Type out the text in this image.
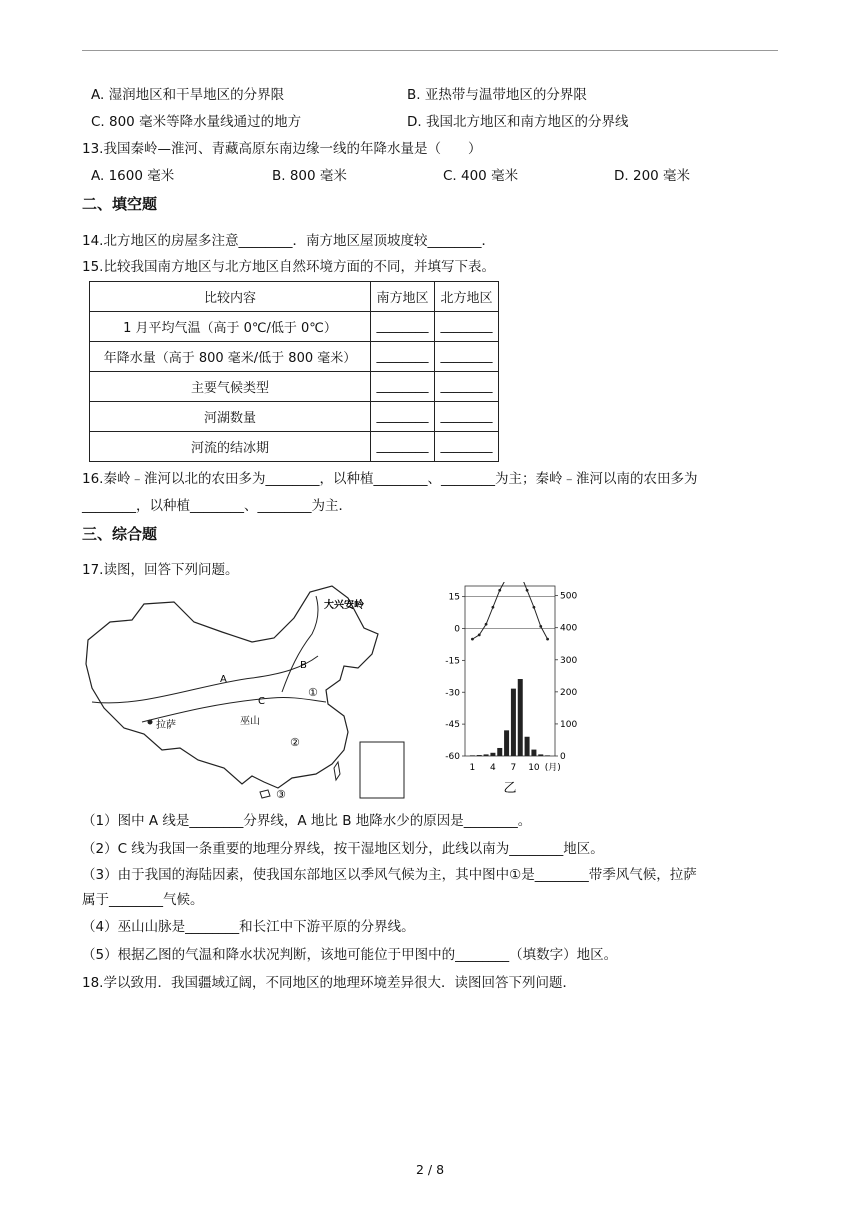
A. 湿润地区和干旱地区的分界限	B. 亚热带与温带地区的分界限
C. 800 毫米等降水量线通过的地方	D. 我国北方地区和南方地区的分界线
13.我国秦岭—淮河、青藏高原东南边缘一线的年降水量是（　　）
A. 1600 毫米	B. 800 毫米	C. 400 毫米	D. 200 毫米
二、填空题
14.北方地区的房屋多注意________．南方地区屋顶坡度较________．
15.比较我国南方地区与北方地区自然环境方面的不同，并填写下表。
比较内容	南方地区	北方地区
1 月平均气温（高于 0℃/低于 0℃）	________	________
年降水量（高于 800 毫米/低于 800 毫米）	________	________
主要气候类型	________	________
河湖数量	________	________
河流的结冰期	________	________
16.秦岭﹣淮河以北的农田多为________，以种植________、________为主；秦岭﹣淮河以南的农田多为
________，以种植________、________为主．
三、综合题
17.读图，回答下列问题。
大兴安岭
A
B
C
拉萨	巫山
①
②
③
15
0
-15
-30
-45
-60
500
400
300
200
100
0
1 4 7 10 (月)
乙
（1）图中 A 线是________分界线，A 地比 B 地降水少的原因是________。
（2）C 线为我国一条重要的地理分界线，按干湿地区划分，此线以南为________地区。
（3）由于我国的海陆因素，使我国东部地区以季风气候为主，其中图中①是________带季风气候，拉萨
属于________气候。
（4）巫山山脉是________和长江中下游平原的分界线。
（5）根据乙图的气温和降水状况判断，该地可能位于甲图中的________（填数字）地区。
18.学以致用．我国疆域辽阔，不同地区的地理环境差异很大．读图回答下列问题．
2 / 8
